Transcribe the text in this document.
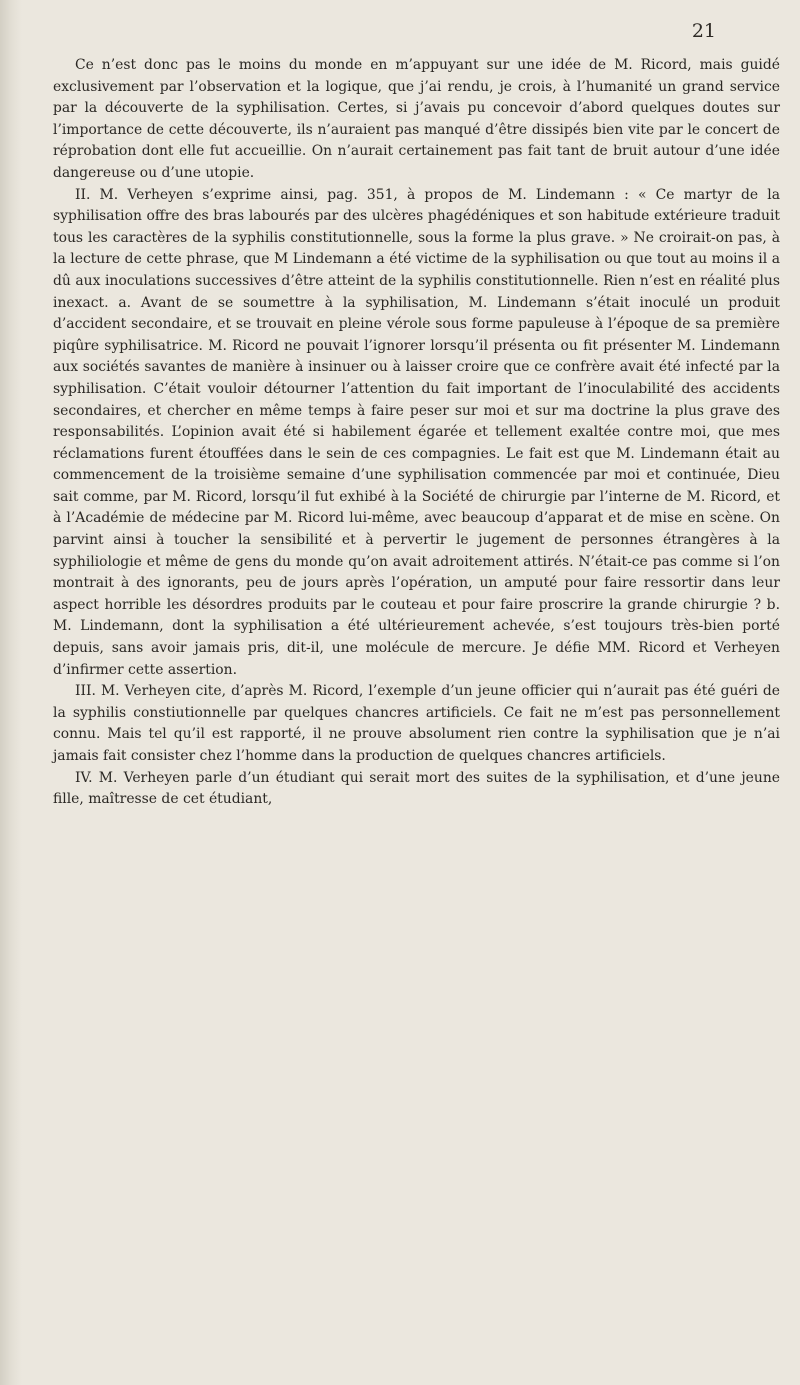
21

Ce n’est donc pas le moins du monde en m’appuyant sur une idée de M. Ricord, mais guidé exclusivement par l’observation et la logique, que j’ai rendu, je crois, à l’humanité un grand service par la découverte de la syphilisation. Certes, si j’avais pu concevoir d’abord quelques doutes sur l’importance de cette découverte, ils n’auraient pas manqué d’être dissipés bien vite par le concert de réprobation dont elle fut accueillie. On n’aurait certainement pas fait tant de bruit autour d’une idée dangereuse ou d’une utopie.

II. M. Verheyen s’exprime ainsi, pag. 351, à propos de M. Lindemann : « Ce martyr de la syphilisation offre des bras labourés par des ulcères phagédéniques et son habitude extérieure traduit tous les caractères de la syphilis constitutionnelle, sous la forme la plus grave. » Ne croirait-on pas, à la lecture de cette phrase, que M Lindemann a été victime de la syphilisation ou que tout au moins il a dû aux inoculations successives d’être atteint de la syphilis constitutionnelle. Rien n’est en réalité plus inexact. a. Avant de se soumettre à la syphilisation, M. Lindemann s’était inoculé un produit d’accident secondaire, et se trouvait en pleine vérole sous forme papuleuse à l’époque de sa première piqûre syphilisatrice. M. Ricord ne pouvait l’ignorer lorsqu’il présenta ou fit présenter M. Lindemann aux sociétés savantes de manière à insinuer ou à laisser croire que ce confrère avait été infecté par la syphilisation. C’était vouloir détourner l’attention du fait important de l’inoculabilité des accidents secondaires, et chercher en même temps à faire peser sur moi et sur ma doctrine la plus grave des responsabilités. L’opinion avait été si habilement égarée et tellement exaltée contre moi, que mes réclamations furent étouffées dans le sein de ces compagnies. Le fait est que M. Lindemann était au commencement de la troisième semaine d’une syphilisation commencée par moi et continuée, Dieu sait comme, par M. Ricord, lorsqu’il fut exhibé à la Société de chirurgie par l’interne de M. Ricord, et à l’Académie de médecine par M. Ricord lui-même, avec beaucoup d’apparat et de mise en scène. On parvint ainsi à toucher la sensibilité et à pervertir le jugement de personnes étrangères à la syphiliologie et même de gens du monde qu’on avait adroitement attirés. N’était-ce pas comme si l’on montrait à des ignorants, peu de jours après l’opération, un amputé pour faire ressortir dans leur aspect horrible les désordres produits par le couteau et pour faire proscrire la grande chirurgie ? b. M. Lindemann, dont la syphilisation a été ultérieurement achevée, s’est toujours très-bien porté depuis, sans avoir jamais pris, dit-il, une molécule de mercure. Je défie MM. Ricord et Verheyen d’infirmer cette assertion.

III. M. Verheyen cite, d’après M. Ricord, l’exemple d’un jeune officier qui n’aurait pas été guéri de la syphilis constiutionnelle par quelques chancres artificiels. Ce fait ne m’est pas personnellement connu. Mais tel qu’il est rapporté, il ne prouve absolument rien contre la syphilisation que je n’ai jamais fait consister chez l’homme dans la production de quelques chancres artificiels.

IV. M. Verheyen parle d’un étudiant qui serait mort des suites de la syphilisation, et d’une jeune fille, maîtresse de cet étudiant,
